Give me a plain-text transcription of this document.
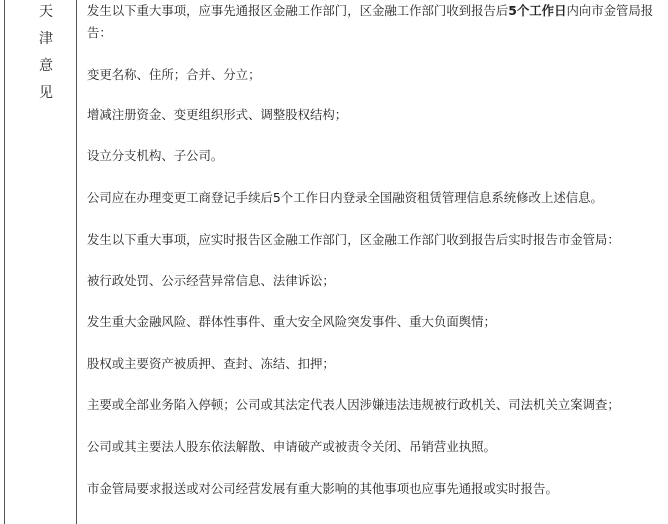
天
津
意
见
发生以下重大事项，应事先通报区金融工作部门，区金融工作部门收到报告后5个工作日内向市金管局报告：
变更名称、住所；合并、分立；
增减注册资金、变更组织形式、调整股权结构；
设立分支机构、子公司。
公司应在办理变更工商登记手续后5个工作日内登录全国融资租赁管理信息系统修改上述信息。
发生以下重大事项，应实时报告区金融工作部门，区金融工作部门收到报告后实时报告市金管局：
被行政处罚、公示经营异常信息、法律诉讼；
发生重大金融风险、群体性事件、重大安全风险突发事件、重大负面舆情；
股权或主要资产被质押、查封、冻结、扣押；
主要或全部业务陷入停顿；公司或其法定代表人因涉嫌违法违规被行政机关、司法机关立案调查；
公司或其主要法人股东依法解散、申请破产或被责令关闭、吊销营业执照。
市金管局要求报送或对公司经营发展有重大影响的其他事项也应事先通报或实时报告。
